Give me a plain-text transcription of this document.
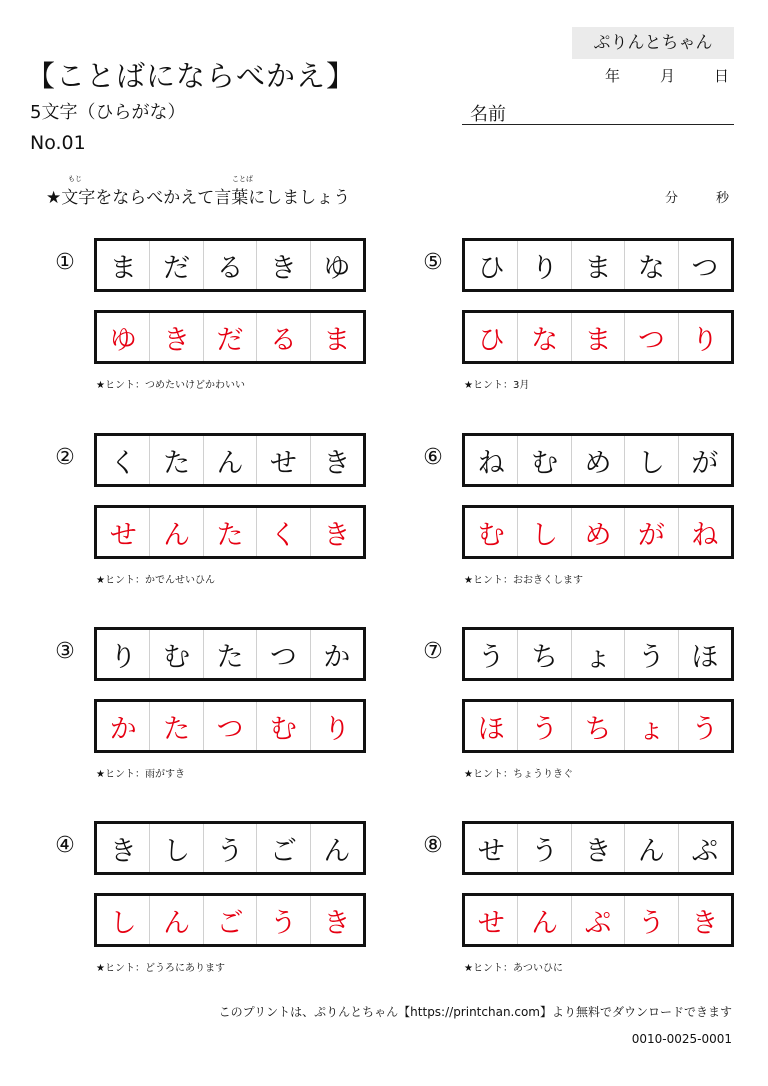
ぷりんとちゃん
【ことばにならべかえ】	年	月	日
5文字（ひらがな）
No.01
名前
もじ	ことば
★文字をならべかえて言葉にしましょう	分	秒
①	ま だ る き ゆ
ゆ き だ る ま
★ヒント：つめたいけどかわいい
②	く た ん せ き
せ ん た く き
★ヒント：かでんせいひん
③	り む た つ か
か た つ む り
★ヒント：雨がすき
④	き し う ご ん
し ん ご う き
★ヒント：どうろにあります
⑤	ひ り ま な つ
ひ な ま つ り
★ヒント：3月
⑥	ね む め し が
む し め が ね
★ヒント：おおきくします
⑦	う ち ょ う ほ
ほ う ち ょ う
★ヒント：ちょうりきぐ
⑧	せ う き ん ぷ
せ ん ぷ う き
★ヒント：あついひに
このプリントは、ぷりんとちゃん【https://printchan.com】より無料でダウンロードできます
0010-0025-0001
